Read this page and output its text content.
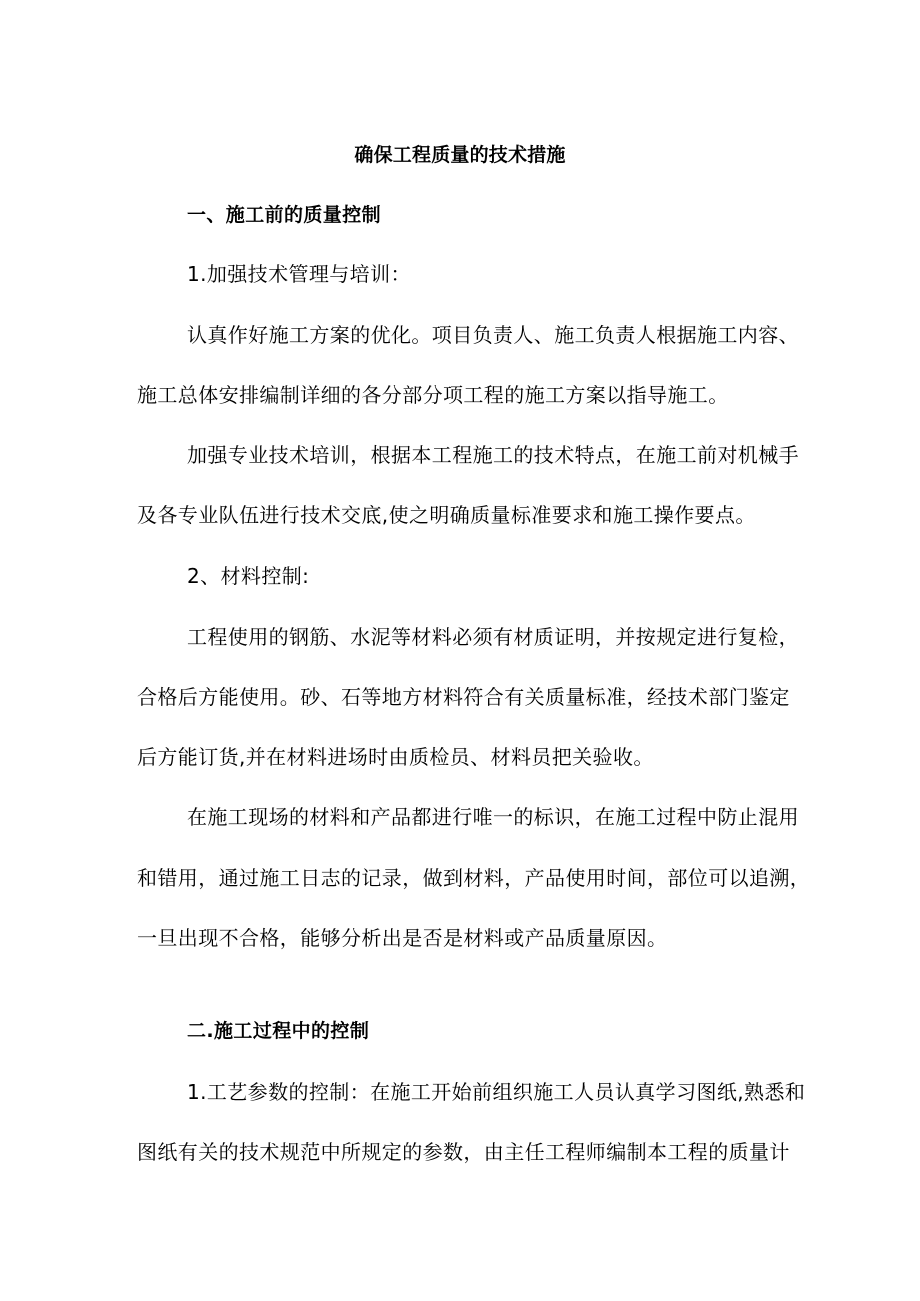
确保工程质量的技术措施
一、施工前的质量控制
1.加强技术管理与培训：
认真作好施工方案的优化。项目负责人、施工负责人根据施工内容、
施工总体安排编制详细的各分部分项工程的施工方案以指导施工。
加强专业技术培训，根据本工程施工的技术特点，在施工前对机械手
及各专业队伍进行技术交底,使之明确质量标准要求和施工操作要点。
2、材料控制:
工程使用的钢筋、水泥等材料必须有材质证明，并按规定进行复检，
合格后方能使用。砂、石等地方材料符合有关质量标准，经技术部门鉴定
后方能订货,并在材料进场时由质检员、材料员把关验收。
在施工现场的材料和产品都进行唯一的标识，在施工过程中防止混用
和错用，通过施工日志的记录，做到材料，产品使用时间，部位可以追溯，
一旦出现不合格，能够分析出是否是材料或产品质量原因。
二.施工过程中的控制
1.工艺参数的控制：在施工开始前组织施工人员认真学习图纸,熟悉和
图纸有关的技术规范中所规定的参数，由主任工程师编制本工程的质量计
